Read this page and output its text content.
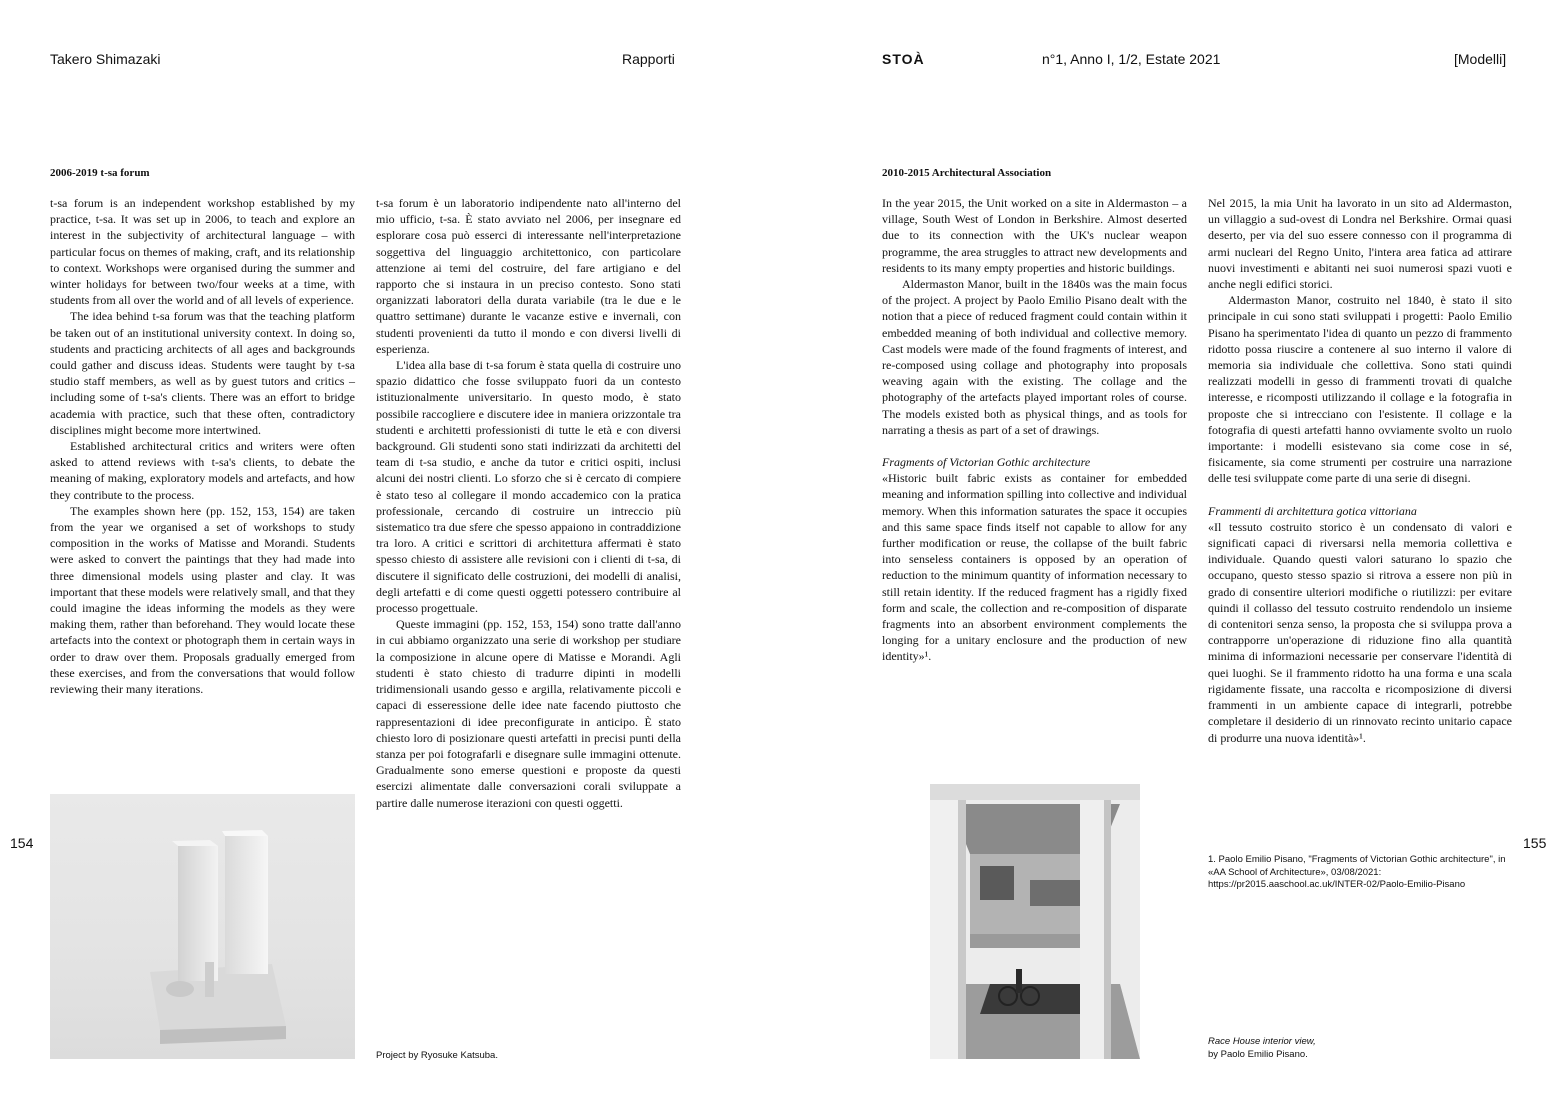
Takero Shimazaki	Rapporti	STOÀ	n°1, Anno I, 1/2, Estate 2021	[Modelli]
154	155
2006-2019 t-sa forum

t-sa forum is an independent workshop established by my practice, t-sa. It was set up in 2006, to teach and explore an interest in the subjectivity of architectural language – with particular focus on themes of making, craft, and its relationship to context. Workshops were organised during the summer and winter holidays for between two/four weeks at a time, with students from all over the world and of all levels of experience.

The idea behind t-sa forum was that the teaching platform be taken out of an institutional university context. In doing so, students and practicing architects of all ages and backgrounds could gather and discuss ideas. Students were taught by t-sa studio staff members, as well as by guest tutors and critics – including some of t-sa's clients. There was an effort to bridge academia with practice, such that these often, contradictory disciplines might become more intertwined.

Established architectural critics and writers were often asked to attend reviews with t-sa's clients, to debate the meaning of making, exploratory models and artefacts, and how they contribute to the process.

The examples shown here (pp. 152, 153, 154) are taken from the year we organised a set of workshops to study composition in the works of Matisse and Morandi. Students were asked to convert the paintings that they had made into three dimensional models using plaster and clay. It was important that these models were relatively small, and that they could imagine the ideas informing the models as they were making them, rather than beforehand. They would locate these artefacts into the context or photograph them in certain ways in order to draw over them. Proposals gradually emerged from these exercises, and from the conversations that would follow reviewing their many iterations.

t-sa forum è un laboratorio indipendente nato all'interno del mio ufficio, t-sa. È stato avviato nel 2006, per insegnare ed esplorare cosa può esserci di interessante nell'interpretazione soggettiva del linguaggio architettonico, con particolare attenzione ai temi del costruire, del fare artigiano e del rapporto che si instaura in un preciso contesto. Sono stati organizzati laboratori della durata variabile (tra le due e le quattro settimane) durante le vacanze estive e invernali, con studenti provenienti da tutto il mondo e con diversi livelli di esperienza.

L'idea alla base di t-sa forum è stata quella di costruire uno spazio didattico che fosse sviluppato fuori da un contesto istituzionalmente universitario. In questo modo, è stato possibile raccogliere e discutere idee in maniera orizzontale tra studenti e architetti professionisti di tutte le età e con diversi background. Gli studenti sono stati indirizzati da architetti del team di t-sa studio, e anche da tutor e critici ospiti, inclusi alcuni dei nostri clienti. Lo sforzo che si è cercato di compiere è stato teso al collegare il mondo accademico con la pratica professionale, cercando di costruire un intreccio più sistematico tra due sfere che spesso appaiono in contraddizione tra loro. A critici e scrittori di architettura affermati è stato spesso chiesto di assistere alle revisioni con i clienti di t-sa, di discutere il significato delle costruzioni, dei modelli di analisi, degli artefatti e di come questi oggetti potessero contribuire al processo progettuale.

Queste immagini (pp. 152, 153, 154) sono tratte dall'anno in cui abbiamo organizzato una serie di workshop per studiare la composizione in alcune opere di Matisse e Morandi. Agli studenti è stato chiesto di tradurre dipinti in modelli tridimensionali usando gesso e argilla, relativamente piccoli e capaci di esseressione delle idee nate facendo piuttosto che rappresentazioni di idee preconfigurate in anticipo. È stato chiesto loro di posizionare questi artefatti in precisi punti della stanza per poi fotografarli e disegnare sulle immagini ottenute. Gradualmente sono emerse questioni e proposte da questi esercizi alimentate dalle conversazioni corali sviluppate a partire dalle numerose iterazioni con questi oggetti.

Project by Ryosuke Katsuba.
2010-2015 Architectural Association

In the year 2015, the Unit worked on a site in Aldermaston – a village, South West of London in Berkshire. Almost deserted due to its connection with the UK's nuclear weapon programme, the area struggles to attract new developments and residents to its many empty properties and historic buildings.

Aldermaston Manor, built in the 1840s was the main focus of the project. A project by Paolo Emilio Pisano dealt with the notion that a piece of reduced fragment could contain within it embedded meaning of both individual and collective memory. Cast models were made of the found fragments of interest, and re-composed using collage and photography into proposals weaving again with the existing. The collage and the photography of the artefacts played important roles of course. The models existed both as physical things, and as tools for narrating a thesis as part of a set of drawings.

Fragments of Victorian Gothic architecture

«Historic built fabric exists as container for embedded meaning and information spilling into collective and individual memory. When this information saturates the space it occupies and this same space finds itself not capable to allow for any further modification or reuse, the collapse of the built fabric into senseless containers is opposed by an operation of reduction to the minimum quantity of information necessary to still retain identity. If the reduced fragment has a rigidly fixed form and scale, the collection and re-composition of disparate fragments into an absorbent environment complements the longing for a unitary enclosure and the production of new identity»¹.

Nel 2015, la mia Unit ha lavorato in un sito ad Aldermaston, un villaggio a sud-ovest di Londra nel Berkshire. Ormai quasi deserto, per via del suo essere connesso con il programma di armi nucleari del Regno Unito, l'intera area fatica ad attirare nuovi investimenti e abitanti nei suoi numerosi spazi vuoti e anche negli edifici storici.

Aldermaston Manor, costruito nel 1840, è stato il sito principale in cui sono stati sviluppati i progetti: Paolo Emilio Pisano ha sperimentato l'idea di quanto un pezzo di frammento ridotto possa riuscire a contenere al suo interno il valore di memoria sia individuale che collettiva. Sono stati quindi realizzati modelli in gesso di frammenti trovati di qualche interesse, e ricomposti utilizzando il collage e la fotografia in proposte che si intrecciano con l'esistente. Il collage e la fotografia di questi artefatti hanno ovviamente svolto un ruolo importante: i modelli esistevano sia come cose in sé, fisicamente, sia come strumenti per costruire una narrazione delle tesi sviluppate come parte di una serie di disegni.

Frammenti di architettura gotica vittoriana

«Il tessuto costruito storico è un condensato di valori e significati capaci di riversarsi nella memoria collettiva e individuale. Quando questi valori saturano lo spazio che occupano, questo stesso spazio si ritrova a essere non più in grado di consentire ulteriori modifiche o riutilizzi: per evitare quindi il collasso del tessuto costruito rendendolo un insieme di contenitori senza senso, la proposta che si sviluppa prova a contrapporre un'operazione di riduzione fino alla quantità minima di informazioni necessarie per conservare l'identità di quei luoghi. Se il frammento ridotto ha una forma e una scala rigidamente fissate, una raccolta e ricomposizione di diversi frammenti in un ambiente capace di integrarli, potrebbe completare il desiderio di un rinnovato recinto unitario capace di produrre una nuova identità»¹.

Race House interior view,
by Paolo Emilio Pisano.
1. Paolo Emilio Pisano, "Fragments of Victorian Gothic architecture", in «AA School of Architecture», 03/08/2021: https://pr2015.aaschool.ac.uk/INTER-02/Paolo-Emilio-Pisano
